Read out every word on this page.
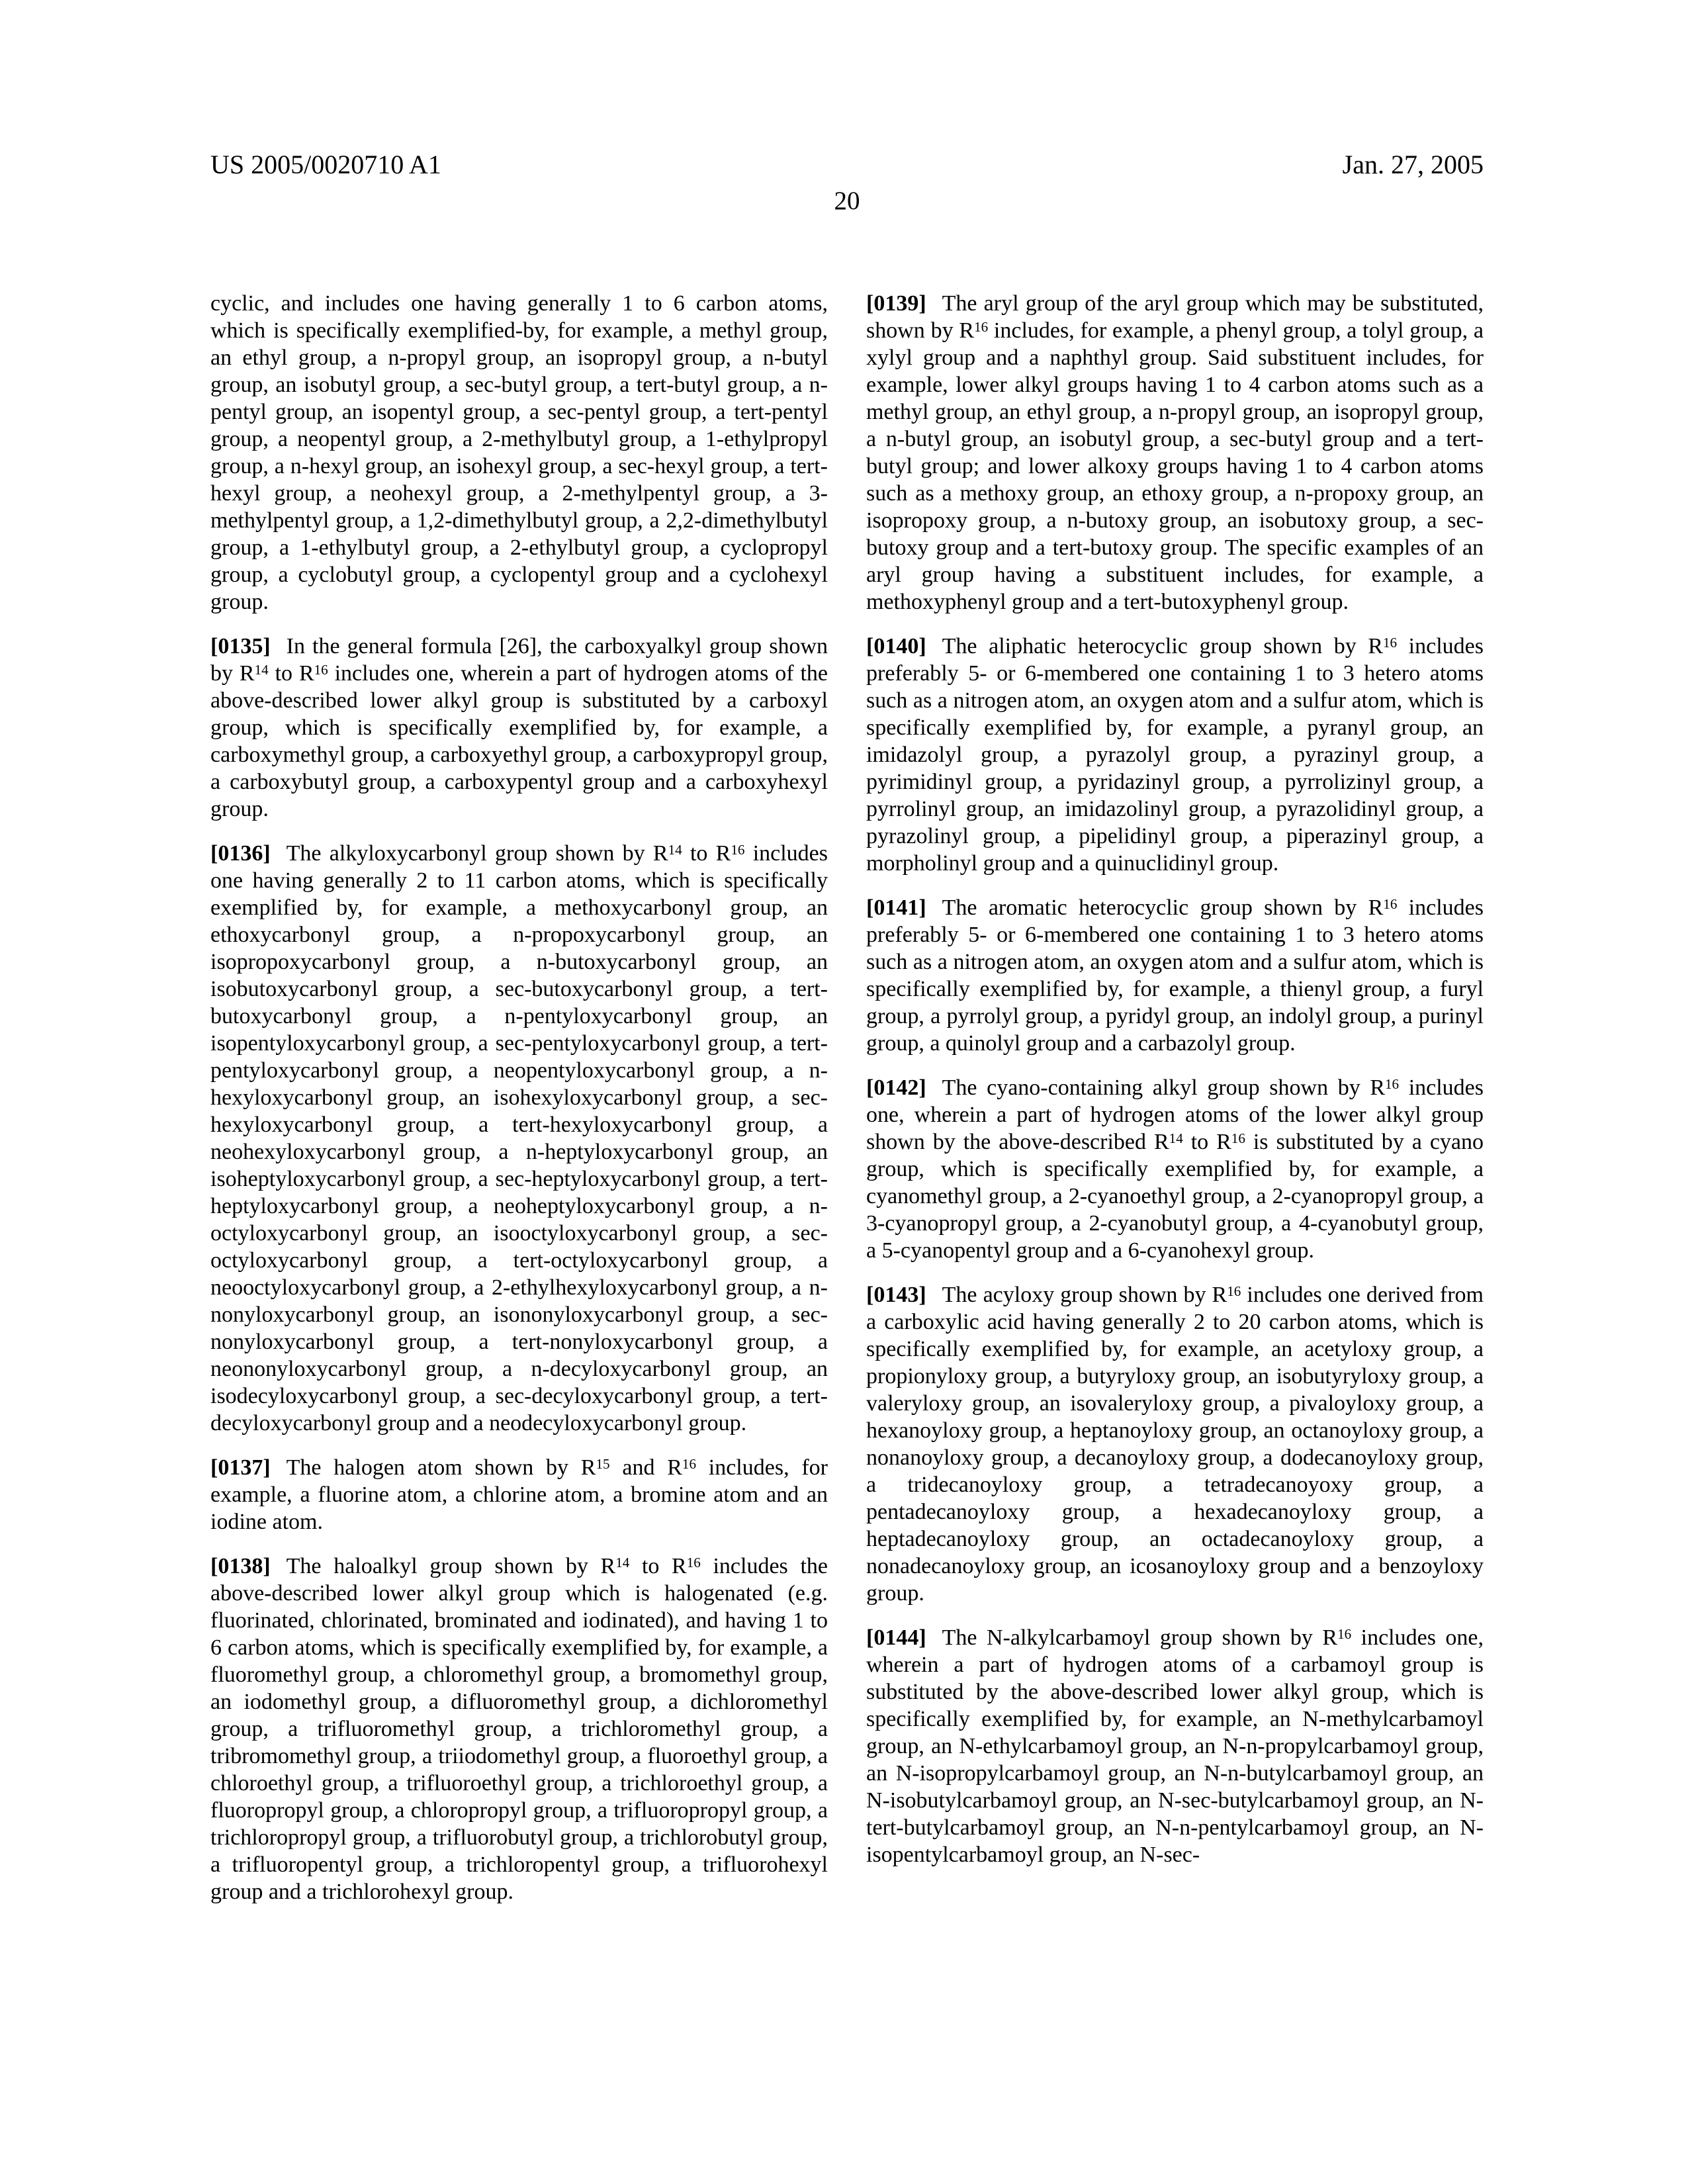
US 2005/0020710 A1	Jan. 27, 2005
20

cyclic, and includes one having generally 1 to 6 carbon atoms, which is specifically exemplified-by, for example, a methyl group, an ethyl group, a n-propyl group, an isopropyl group, a n-butyl group, an isobutyl group, a sec-butyl group, a tert-butyl group, a n-pentyl group, an isopentyl group, a sec-pentyl group, a tert-pentyl group, a neopentyl group, a 2-methylbutyl group, a 1-ethylpropyl group, a n-hexyl group, an isohexyl group, a sec-hexyl group, a tert-hexyl group, a neohexyl group, a 2-methylpentyl group, a 3-methylpentyl group, a 1,2-dimethylbutyl group, a 2,2-dimethylbutyl group, a 1-ethylbutyl group, a 2-ethylbutyl group, a cyclopropyl group, a cyclobutyl group, a cyclopentyl group and a cyclohexyl group.

[0135] In the general formula [26], the carboxyalkyl group shown by $R^{14}$ to $R^{16}$ includes one, wherein a part of hydrogen atoms of the above-described lower alkyl group is substituted by a carboxyl group, which is specifically exemplified by, for example, a carboxymethyl group, a carboxyethyl group, a carboxypropyl group, a carboxybutyl group, a carboxypentyl group and a carboxyhexyl group.

[0136] The alkyloxycarbonyl group shown by $R^{14}$ to $R^{16}$ includes one having generally 2 to 11 carbon atoms, which is specifically exemplified by, for example, a methoxycarbonyl group, an ethoxycarbonyl group, a n-propoxycarbonyl group, an isopropoxycarbonyl group, a n-butoxycarbonyl group, an isobutoxycarbonyl group, a sec-butoxycarbonyl group, a tert-butoxycarbonyl group, a n-pentyloxycarbonyl group, an isopentyloxycarbonyl group, a sec-pentyloxycarbonyl group, a tert-pentyloxycarbonyl group, a neopentyloxycarbonyl group, a n-hexyloxycarbonyl group, an isohexyloxycarbonyl group, a sec-hexyloxycarbonyl group, a tert-hexyloxycarbonyl group, a neohexyloxycarbonyl group, a n-heptyloxycarbonyl group, an isoheptyloxycarbonyl group, a sec-heptyloxycarbonyl group, a tert-heptyloxycarbonyl group, a neoheptyloxycarbonyl group, a n-octyloxycarbonyl group, an isooctyloxycarbonyl group, a sec-octyloxycarbonyl group, a tert-octyloxycarbonyl group, a neooctyloxycarbonyl group, a 2-ethylhexyloxycarbonyl group, a n-nonyloxycarbonyl group, an isononyloxycarbonyl group, a sec-nonyloxycarbonyl group, a tert-nonyloxycarbonyl group, a neononyloxycarbonyl group, a n-decyloxycarbonyl group, an isodecyloxycarbonyl group, a sec-decyloxycarbonyl group, a tert-decyloxycarbonyl group and a neodecyloxycarbonyl group.

[0137] The halogen atom shown by $R^{15}$ and $R^{16}$ includes, for example, a fluorine atom, a chlorine atom, a bromine atom and an iodine atom.

[0138] The haloalkyl group shown by $R^{14}$ to $R^{16}$ includes the above-described lower alkyl group which is halogenated (e.g. fluorinated, chlorinated, brominated and iodinated), and having 1 to 6 carbon atoms, which is specifically exemplified by, for example, a fluoromethyl group, a chloromethyl group, a bromomethyl group, an iodomethyl group, a difluoromethyl group, a dichloromethyl group, a trifluoromethyl group, a trichloromethyl group, a tribromomethyl group, a triiodomethyl group, a fluoroethyl group, a chloroethyl group, a trifluoroethyl group, a trichloroethyl group, a fluoropropyl group, a chloropropyl group, a trifluoropropyl group, a trichloropropyl group, a trifluorobutyl group, a trichlorobutyl group, a trifluoropentyl group, a trichloropentyl group, a trifluorohexyl group and a trichlorohexyl group.

[0139] The aryl group of the aryl group which may be substituted, shown by $R^{16}$ includes, for example, a phenyl group, a tolyl group, a xylyl group and a naphthyl group. Said substituent includes, for example, lower alkyl groups having 1 to 4 carbon atoms such as a methyl group, an ethyl group, a n-propyl group, an isopropyl group, a n-butyl group, an isobutyl group, a sec-butyl group and a tert-butyl group; and lower alkoxy groups having 1 to 4 carbon atoms such as a methoxy group, an ethoxy group, a n-propoxy group, an isopropoxy group, a n-butoxy group, an isobutoxy group, a sec-butoxy group and a tert-butoxy group. The specific examples of an aryl group having a substituent includes, for example, a methoxyphenyl group and a tert-butoxyphenyl group.

[0140] The aliphatic heterocyclic group shown by $R^{16}$ includes preferably 5- or 6-membered one containing 1 to 3 hetero atoms such as a nitrogen atom, an oxygen atom and a sulfur atom, which is specifically exemplified by, for example, a pyranyl group, an imidazolyl group, a pyrazolyl group, a pyrazinyl group, a pyrimidinyl group, a pyridazinyl group, a pyrrolizinyl group, a pyrrolinyl group, an imidazolinyl group, a pyrazolidinyl group, a pyrazolinyl group, a pipelidinyl group, a piperazinyl group, a morpholinyl group and a quinuclidinyl group.

[0141] The aromatic heterocyclic group shown by $R^{16}$ includes preferably 5- or 6-membered one containing 1 to 3 hetero atoms such as a nitrogen atom, an oxygen atom and a sulfur atom, which is specifically exemplified by, for example, a thienyl group, a furyl group, a pyrrolyl group, a pyridyl group, an indolyl group, a purinyl group, a quinolyl group and a carbazolyl group.

[0142] The cyano-containing alkyl group shown by $R^{16}$ includes one, wherein a part of hydrogen atoms of the lower alkyl group shown by the above-described $R^{14}$ to $R^{16}$ is substituted by a cyano group, which is specifically exemplified by, for example, a cyanomethyl group, a 2-cyanoethyl group, a 2-cyanopropyl group, a 3-cyanopropyl group, a 2-cyanobutyl group, a 4-cyanobutyl group, a 5-cyanopentyl group and a 6-cyanohexyl group.

[0143] The acyloxy group shown by $R^{16}$ includes one derived from a carboxylic acid having generally 2 to 20 carbon atoms, which is specifically exemplified by, for example, an acetyloxy group, a propionyloxy group, a butyryloxy group, an isobutyryloxy group, a valeryloxy group, an isovaleryloxy group, a pivaloyloxy group, a hexanoyloxy group, a heptanoyloxy group, an octanoyloxy group, a nonanoyloxy group, a decanoyloxy group, a dodecanoyloxy group, a tridecanoyloxy group, a tetradecanoyoxy group, a pentadecanoyloxy group, a hexadecanoyloxy group, a heptadecanoyloxy group, an octadecanoyloxy group, a nonadecanoyloxy group, an icosanoyloxy group and a benzoyloxy group.

[0144] The N-alkylcarbamoyl group shown by $R^{16}$ includes one, wherein a part of hydrogen atoms of a carbamoyl group is substituted by the above-described lower alkyl group, which is specifically exemplified by, for example, an N-methylcarbamoyl group, an N-ethylcarbamoyl group, an N-n-propylcarbamoyl group, an N-isopropylcarbamoyl group, an N-n-butylcarbamoyl group, an N-isobutylcarbamoyl group, an N-sec-butylcarbamoyl group, an N-tert-butylcarbamoyl group, an N-n-pentylcarbamoyl group, an N-isopentylcarbamoyl group, an N-sec-
